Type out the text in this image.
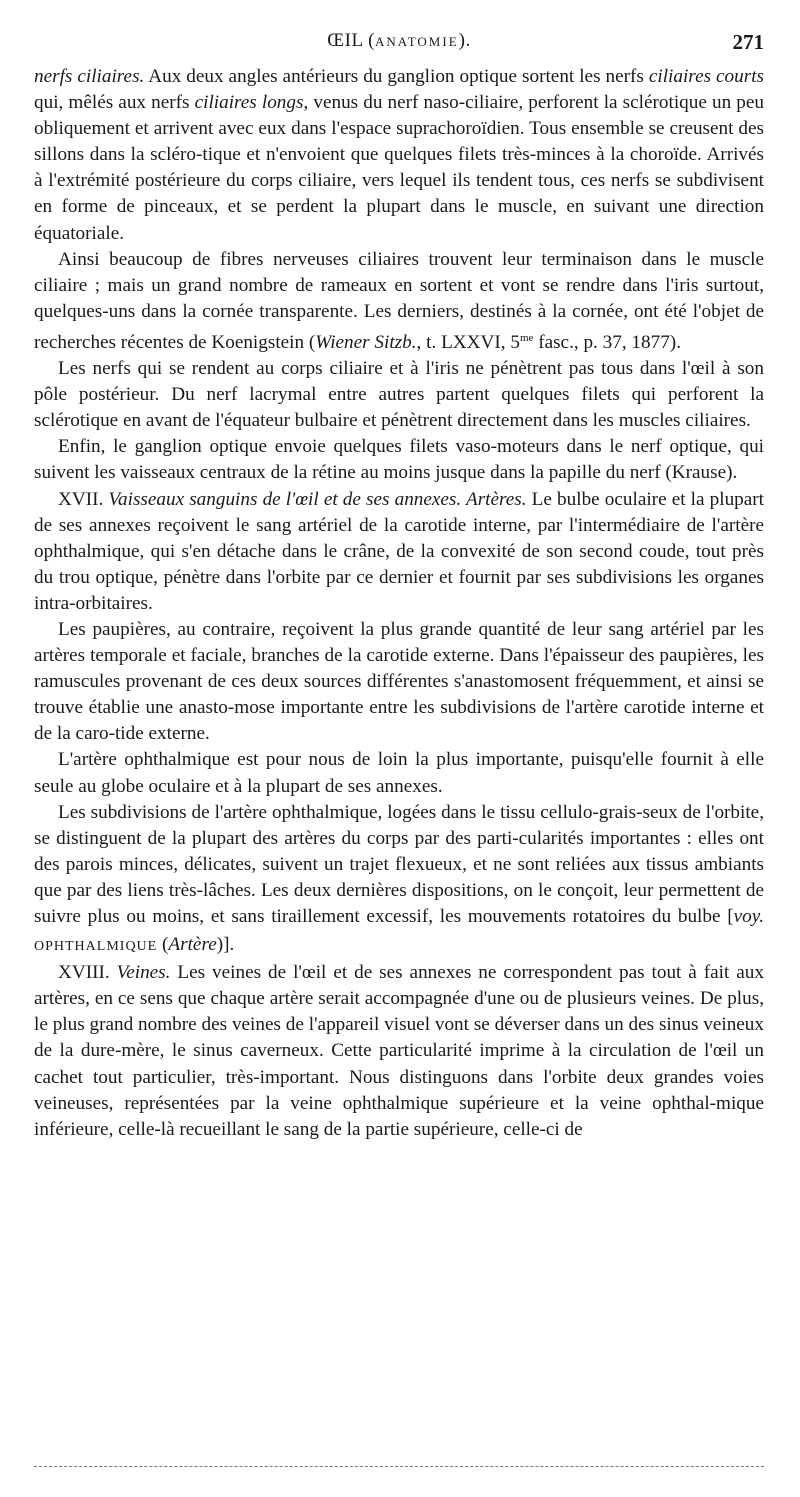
ŒIL (ANATOMIE).	271

nerfs ciliaires. Aux deux angles antérieurs du ganglion optique sortent les nerfs ciliaires courts qui, mêlés aux nerfs ciliaires longs, venus du nerf naso-ciliaire, perforent la sclérotique un peu obliquement et arrivent avec eux dans l'espace suprachoroïdien. Tous ensemble se creusent des sillons dans la scléro-tique et n'envoient que quelques filets très-minces à la choroïde. Arrivés à l'extrémité postérieure du corps ciliaire, vers lequel ils tendent tous, ces nerfs se subdivisent en forme de pinceaux, et se perdent la plupart dans le muscle, en suivant une direction équatoriale.

Ainsi beaucoup de fibres nerveuses ciliaires trouvent leur terminaison dans le muscle ciliaire ; mais un grand nombre de rameaux en sortent et vont se rendre dans l'iris surtout, quelques-uns dans la cornée transparente. Les derniers, destinés à la cornée, ont été l'objet de recherches récentes de Koenigstein (Wiener Sitzb., t. LXXVI, $5^{me}$ fasc., p. 37, 1877).

Les nerfs qui se rendent au corps ciliaire et à l'iris ne pénètrent pas tous dans l'œil à son pôle postérieur. Du nerf lacrymal entre autres partent quelques filets qui perforent la sclérotique en avant de l'équateur bulbaire et pénètrent directement dans les muscles ciliaires.

Enfin, le ganglion optique envoie quelques filets vaso-moteurs dans le nerf optique, qui suivent les vaisseaux centraux de la rétine au moins jusque dans la papille du nerf (Krause).

XVII. Vaisseaux sanguins de l'œil et de ses annexes. Artères. Le bulbe oculaire et la plupart de ses annexes reçoivent le sang artériel de la carotide interne, par l'intermédiaire de l'artère ophthalmique, qui s'en détache dans le crâne, de la convexité de son second coude, tout près du trou optique, pénètre dans l'orbite par ce dernier et fournit par ses subdivisions les organes intra-orbitaires.

Les paupières, au contraire, reçoivent la plus grande quantité de leur sang artériel par les artères temporale et faciale, branches de la carotide externe. Dans l'épaisseur des paupières, les ramuscules provenant de ces deux sources différentes s'anastomosent fréquemment, et ainsi se trouve établie une anasto-mose importante entre les subdivisions de l'artère carotide interne et de la caro-tide externe.

L'artère ophthalmique est pour nous de loin la plus importante, puisqu'elle fournit à elle seule au globe oculaire et à la plupart de ses annexes.

Les subdivisions de l'artère ophthalmique, logées dans le tissu cellulo-grais-seux de l'orbite, se distinguent de la plupart des artères du corps par des parti-cularités importantes : elles ont des parois minces, délicates, suivent un trajet flexueux, et ne sont reliées aux tissus ambiants que par des liens très-lâches. Les deux dernières dispositions, on le conçoit, leur permettent de suivre plus ou moins, et sans tiraillement excessif, les mouvements rotatoires du bulbe [voy. OPHTHALMIQUE (Artère)].

XVIII. Veines. Les veines de l'œil et de ses annexes ne correspondent pas tout à fait aux artères, en ce sens que chaque artère serait accompagnée d'une ou de plusieurs veines. De plus, le plus grand nombre des veines de l'appareil visuel vont se déverser dans un des sinus veineux de la dure-mère, le sinus caverneux. Cette particularité imprime à la circulation de l'œil un cachet tout particulier, très-important. Nous distinguons dans l'orbite deux grandes voies veineuses, représentées par la veine ophthalmique supérieure et la veine ophthal-mique inférieure, celle-là recueillant le sang de la partie supérieure, celle-ci de
